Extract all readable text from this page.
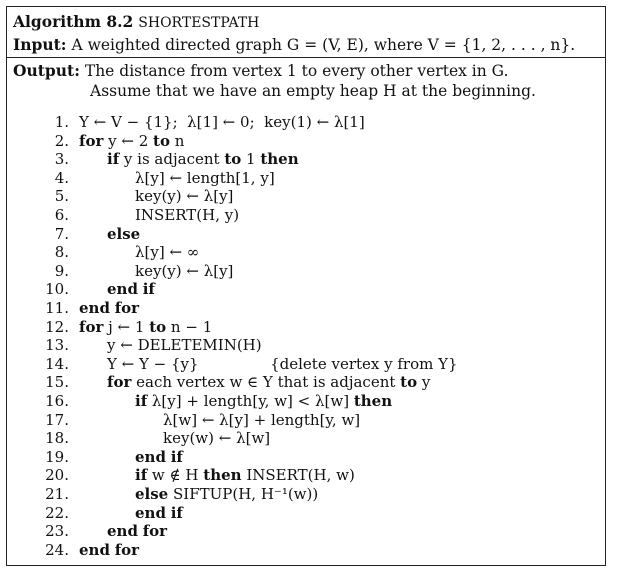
Algorithm 8.2 SHORTESTPATH
Input: A weighted directed graph G = (V, E), where V = {1, 2, . . . , n}.
Output: The distance from vertex 1 to every other vertex in G.
Assume that we have an empty heap H at the beginning.
1. Y ← V − {1};  λ[1] ← 0;  key(1) ← λ[1]
2. for y ← 2 to n
3.	if y is adjacent to 1 then
4.	λ[y] ← length[1, y]
5.	key(y) ← λ[y]
6.	INSERT(H, y)
7.	else
8.	λ[y] ← ∞
9.	key(y) ← λ[y]
10.	end if
11. end for
12. for j ← 1 to n − 1
13.	y ← DELETEMIN(H)
14.	Y ← Y − {y}               {delete vertex y from Y}
15.	for each vertex w ∈ Y that is adjacent to y
16.	if λ[y] + length[y, w] < λ[w] then
17.	λ[w] ← λ[y] + length[y, w]
18.	key(w) ← λ[w]
19.	end if
20.	if w ∉ H then INSERT(H, w)
21.	else SIFTUP(H, H⁻¹(w))
22.	end if
23.	end for
24. end for
